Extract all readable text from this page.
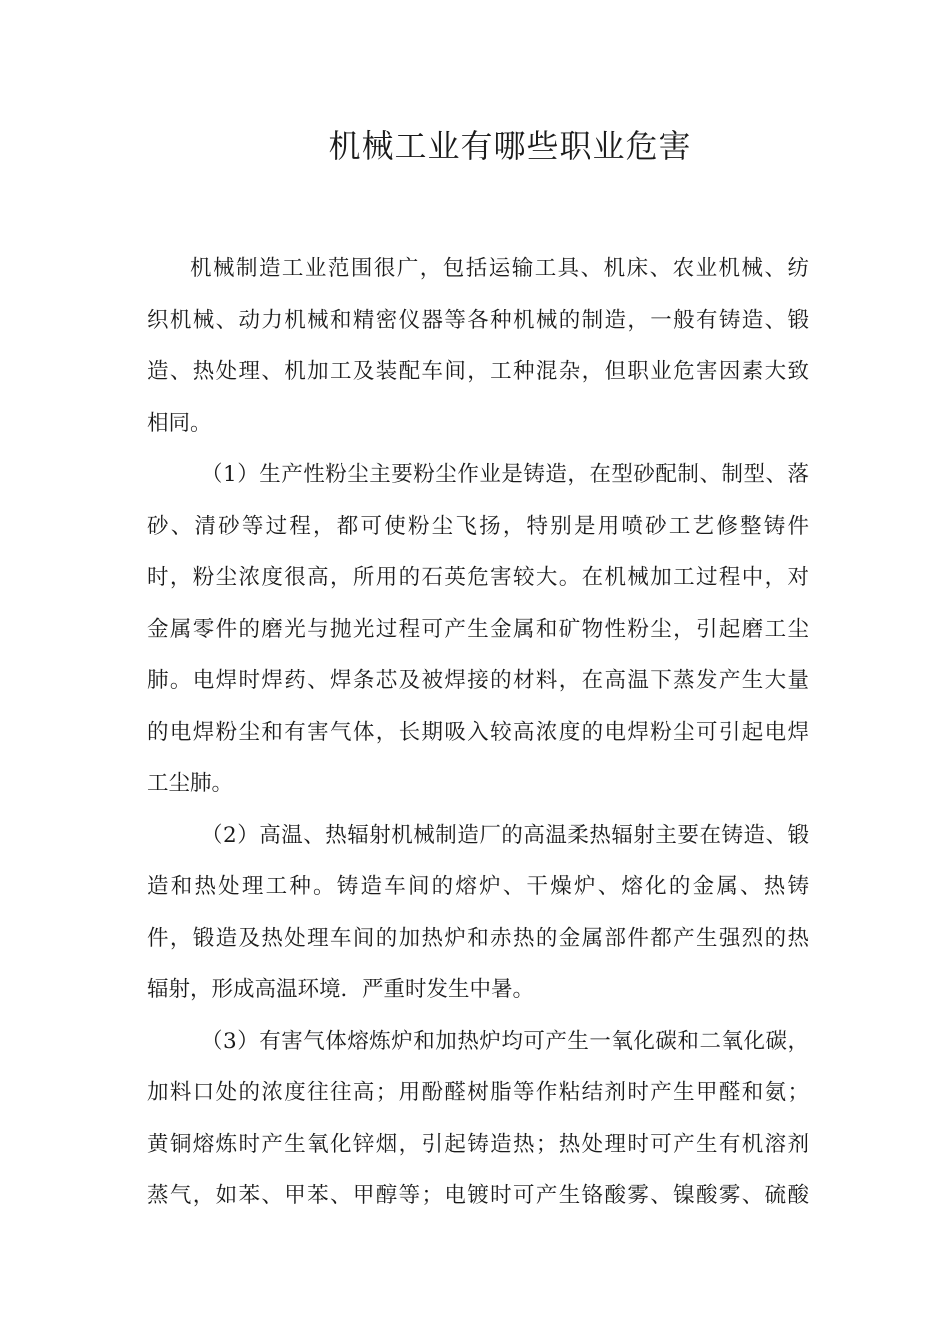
机械工业有哪些职业危害

机械制造工业范围很广，包括运输工具、机床、农业机械、纺
织机械、动力机械和精密仪器等各种机械的制造，一般有铸造、锻
造、热处理、机加工及装配车间，工种混杂，但职业危害因素大致
相同。

（1）生产性粉尘主要粉尘作业是铸造，在型砂配制、制型、落
砂、清砂等过程，都可使粉尘飞扬，特别是用喷砂工艺修整铸件
时，粉尘浓度很高，所用的石英危害较大。在机械加工过程中，对
金属零件的磨光与抛光过程可产生金属和矿物性粉尘，引起磨工尘
肺。电焊时焊药、焊条芯及被焊接的材料，在高温下蒸发产生大量
的电焊粉尘和有害气体，长期吸入较高浓度的电焊粉尘可引起电焊
工尘肺。

（2）高温、热辐射机械制造厂的高温柔热辐射主要在铸造、锻
造和热处理工种。铸造车间的熔炉、干燥炉、熔化的金属、热铸
件，锻造及热处理车间的加热炉和赤热的金属部件都产生强烈的热
辐射，形成高温环境．严重时发生中暑。

（3）有害气体熔炼炉和加热炉均可产生一氧化碳和二氧化碳，
加料口处的浓度往往高；用酚醛树脂等作粘结剂时产生甲醛和氨；
黄铜熔炼时产生氧化锌烟，引起铸造热；热处理时可产生有机溶剂
蒸气，如苯、甲苯、甲醇等；电镀时可产生铬酸雾、镍酸雾、硫酸
